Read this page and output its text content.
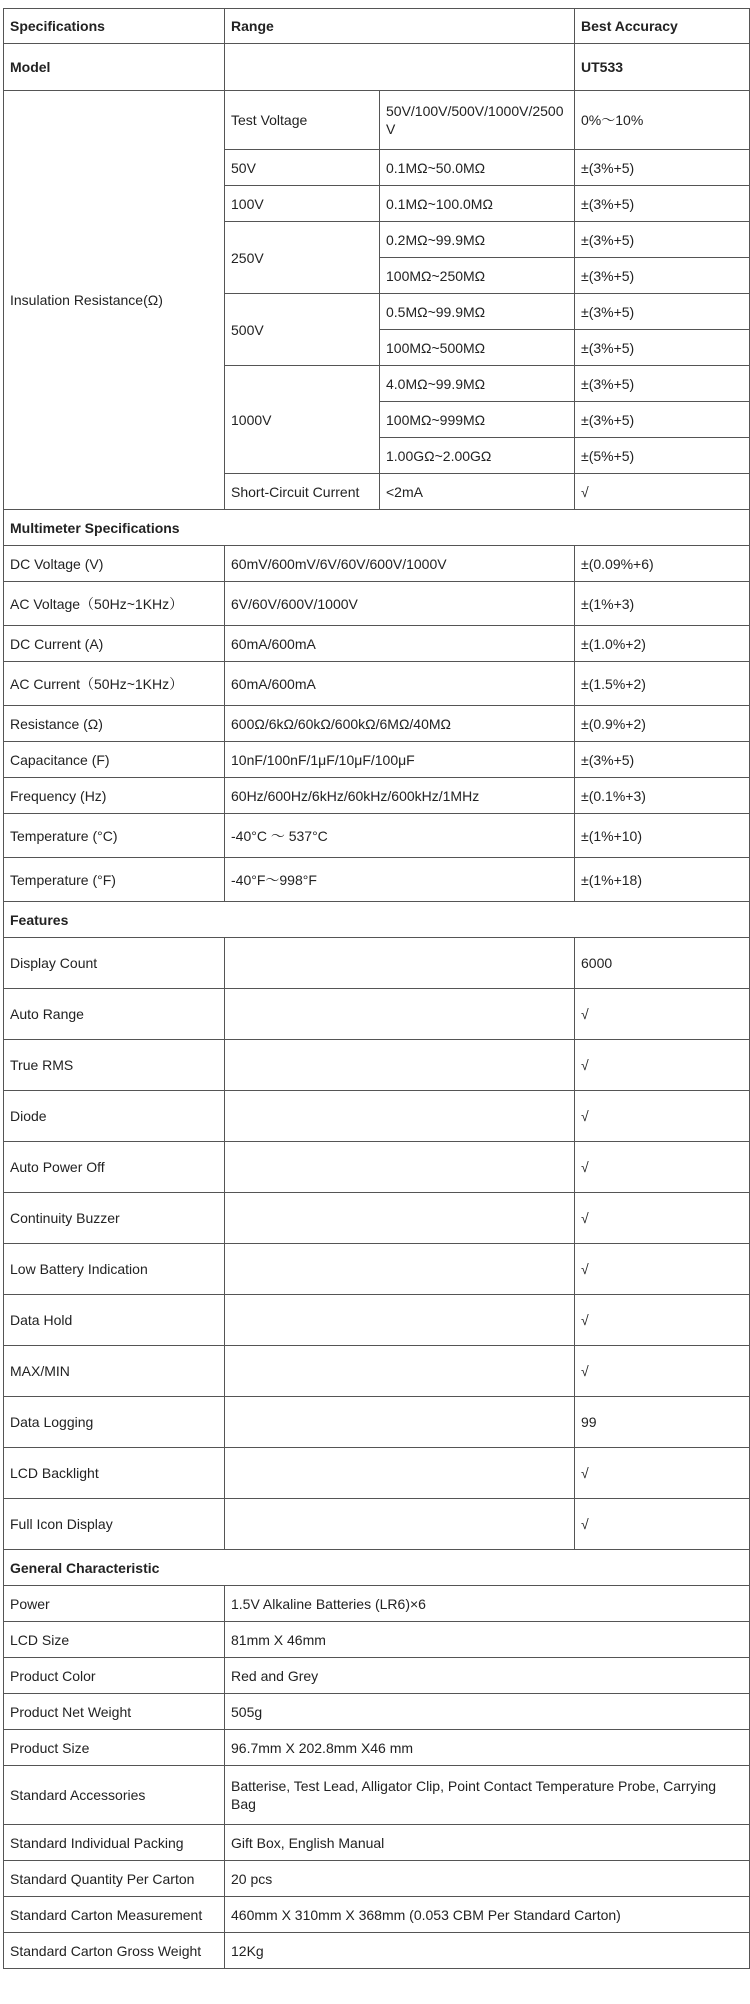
Specifications	Range		Best Accuracy
Model			UT533
Insulation Resistance(Ω)	Test Voltage	50V/100V/500V/1000V/2500V	0%～10%
	50V	0.1MΩ~50.0MΩ	±(3%+5)
	100V	0.1MΩ~100.0MΩ	±(3%+5)
	250V	0.2MΩ~99.9MΩ	±(3%+5)
		100MΩ~250MΩ	±(3%+5)
	500V	0.5MΩ~99.9MΩ	±(3%+5)
		100MΩ~500MΩ	±(3%+5)
	1000V	4.0MΩ~99.9MΩ	±(3%+5)
		100MΩ~999MΩ	±(3%+5)
		1.00GΩ~2.00GΩ	±(5%+5)
	Short-Circuit Current	<2mA	√
Multimeter Specifications			
DC Voltage (V)	60mV/600mV/6V/60V/600V/1000V		±(0.09%+6)
AC Voltage（50Hz~1KHz）	6V/60V/600V/1000V		±(1%+3)
DC Current (A)	60mA/600mA		±(1.0%+2)
AC Current（50Hz~1KHz）	60mA/600mA		±(1.5%+2)
Resistance (Ω)	600Ω/6kΩ/60kΩ/600kΩ/6MΩ/40MΩ		±(0.9%+2)
Capacitance (F)	10nF/100nF/1μF/10μF/100μF		±(3%+5)
Frequency (Hz)	60Hz/600Hz/6kHz/60kHz/600kHz/1MHz		±(0.1%+3)
Temperature (°C)	-40°C ～ 537°C		±(1%+10)
Temperature (°F)	-40°F～998°F		±(1%+18)
Features			
Display Count			6000
Auto Range			√
True RMS			√
Diode			√
Auto Power Off			√
Continuity Buzzer			√
Low Battery Indication			√
Data Hold			√
MAX/MIN			√
Data Logging			99
LCD Backlight			√
Full Icon Display			√
General Characteristic			
Power	1.5V Alkaline Batteries (LR6)×6		
LCD Size	81mm X 46mm		
Product Color	Red and Grey		
Product Net Weight	505g		
Product Size	96.7mm X 202.8mm X46 mm		
Standard Accessories	Batterise, Test Lead, Alligator Clip, Point Contact Temperature Probe, Carrying Bag		
Standard Individual Packing	Gift Box, English Manual		
Standard Quantity Per Carton	20 pcs		
Standard Carton Measurement	460mm X 310mm X 368mm (0.053 CBM Per Standard Carton)		
Standard Carton Gross Weight	12Kg		
